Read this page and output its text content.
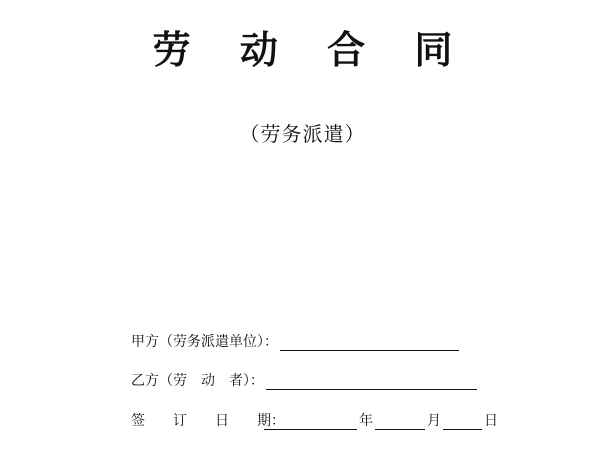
劳 动 合 同
（劳务派遣）
甲方（劳务派遣单位）：
乙方（劳　动　者）：
签　　订　　日　　期：	年	月	日
